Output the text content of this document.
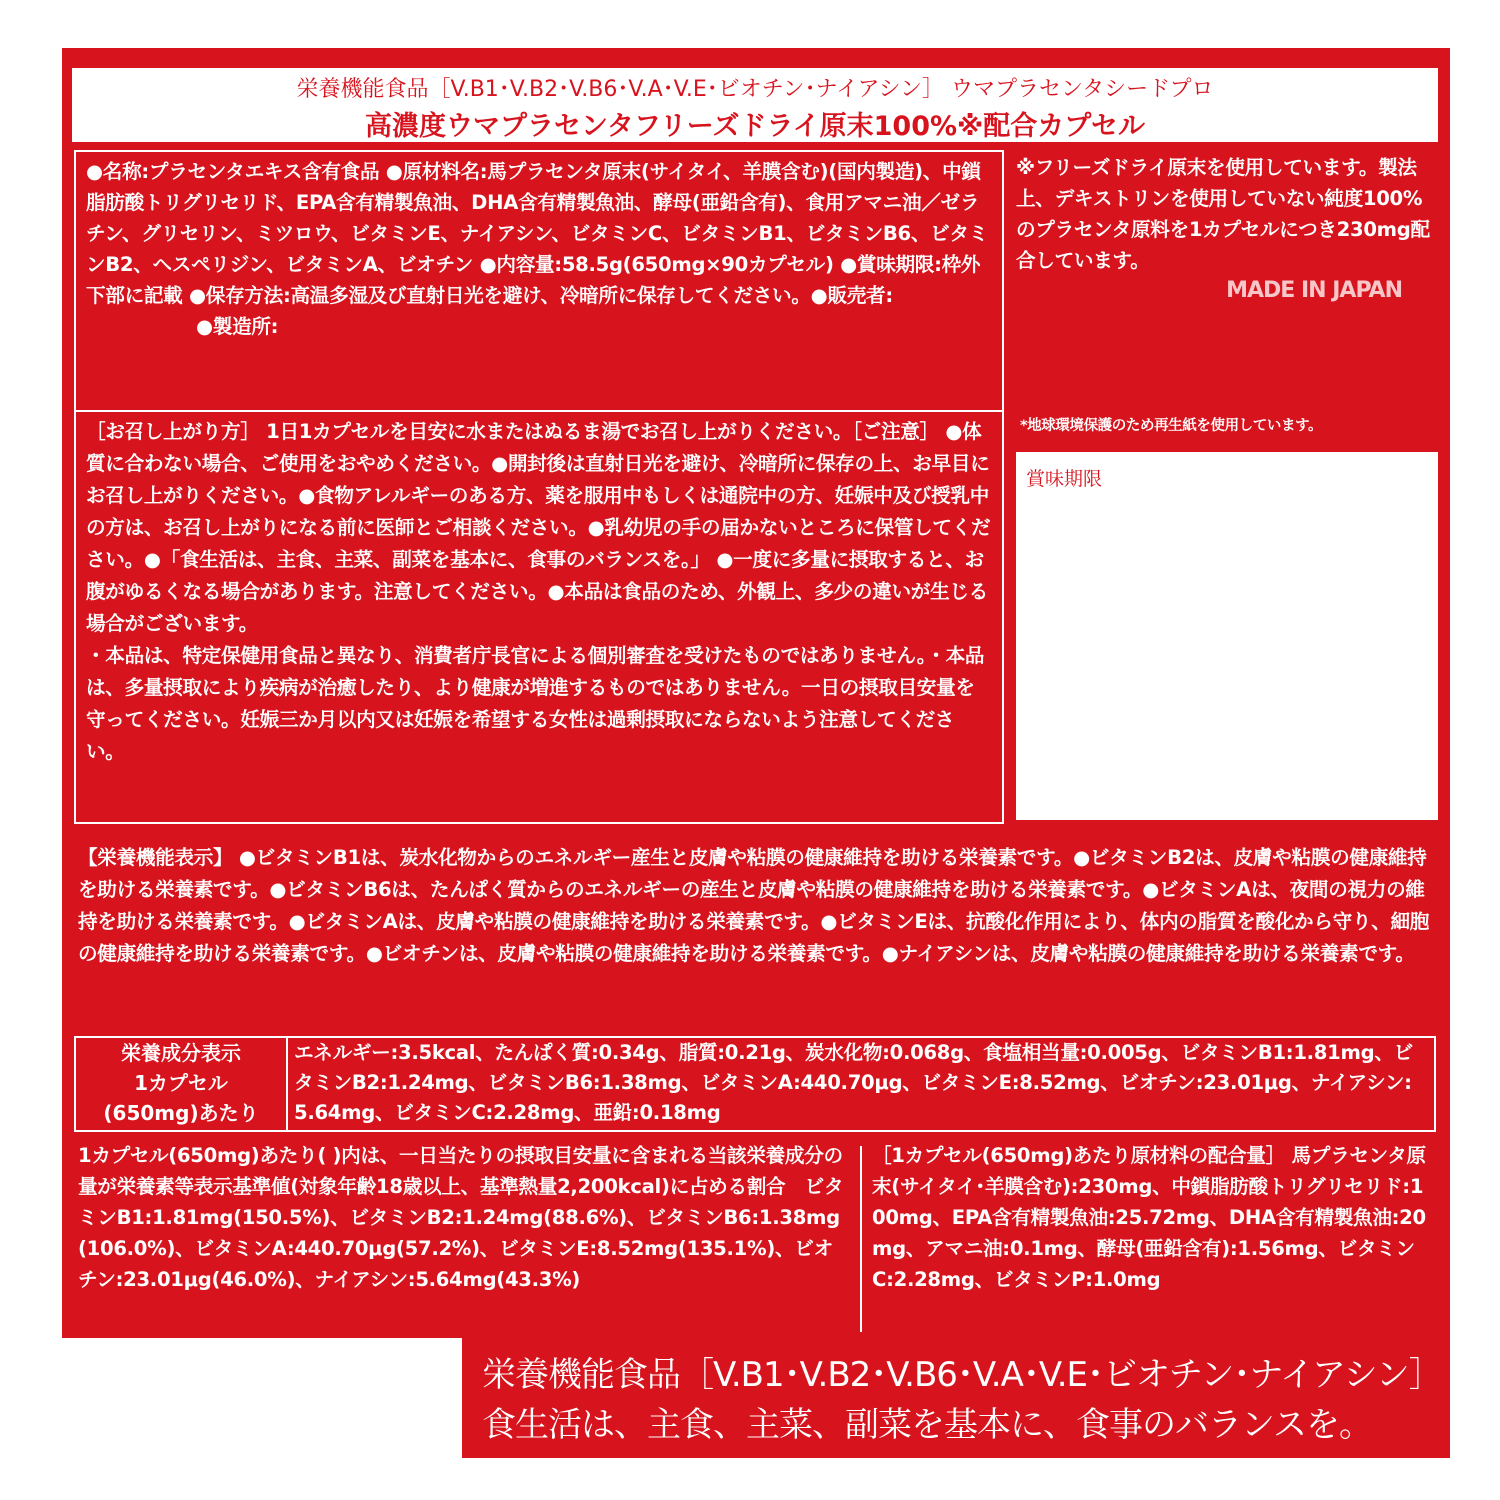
栄養機能食品［V.B1･V.B2･V.B6･V.A･V.E･ビオチン･ナイアシン］ ウマプラセンタシードプロ
高濃度ウマプラセンタフリーズドライ原末100%※配合カプセル
●名称:プラセンタエキス含有食品 ●原材料名:馬プラセンタ原末(サイタイ、羊膜含む)(国内製造)、中鎖脂肪酸トリグリセリド、EPA含有精製魚油、DHA含有精製魚油、酵母(亜鉛含有)、食用アマニ油／ゼラチン、グリセリン、ミツロウ、ビタミンE、ナイアシン、ビタミンC、ビタミンB1、ビタミンB6、ビタミンB2、ヘスペリジン、ビタミンA、ビオチン ●内容量:58.5g(650mg×90カプセル) ●賞味期限:枠外下部に記載 ●保存方法:高温多湿及び直射日光を避け、冷暗所に保存してください。●販売者:
●製造所:
※フリーズドライ原末を使用しています。製法上、デキストリンを使用していない純度100%のプラセンタ原料を1カプセルにつき230mg配合しています。
MADE IN JAPAN
*地球環境保護のため再生紙を使用しています。
賞味期限
［お召し上がり方］ 1日1カプセルを目安に水またはぬるま湯でお召し上がりください。［ご注意］ ●体質に合わない場合、ご使用をおやめください。●開封後は直射日光を避け、冷暗所に保存の上、お早目にお召し上がりください。●食物アレルギーのある方、薬を服用中もしくは通院中の方、妊娠中及び授乳中の方は、お召し上がりになる前に医師とご相談ください。●乳幼児の手の届かないところに保管してください。●「食生活は、主食、主菜、副菜を基本に、食事のバランスを。」 ●一度に多量に摂取すると、お腹がゆるくなる場合があります。注意してください。●本品は食品のため、外観上、多少の違いが生じる場合がございます。
・本品は、特定保健用食品と異なり、消費者庁長官による個別審査を受けたものではありません。・本品は、多量摂取により疾病が治癒したり、より健康が増進するものではありません。一日の摂取目安量を守ってください。妊娠三か月以内又は妊娠を希望する女性は過剰摂取にならないよう注意してください。
【栄養機能表示】 ●ビタミンB1は、炭水化物からのエネルギー産生と皮膚や粘膜の健康維持を助ける栄養素です。●ビタミンB2は、皮膚や粘膜の健康維持を助ける栄養素です。●ビタミンB6は、たんぱく質からのエネルギーの産生と皮膚や粘膜の健康維持を助ける栄養素です。●ビタミンAは、夜間の視力の維持を助ける栄養素です。●ビタミンAは、皮膚や粘膜の健康維持を助ける栄養素です。●ビタミンEは、抗酸化作用により、体内の脂質を酸化から守り、細胞の健康維持を助ける栄養素です。●ビオチンは、皮膚や粘膜の健康維持を助ける栄養素です。●ナイアシンは、皮膚や粘膜の健康維持を助ける栄養素です。
栄養成分表示
1カプセル
(650mg)あたり
エネルギー:3.5kcal、たんぱく質:0.34g、脂質:0.21g、炭水化物:0.068g、食塩相当量:0.005g、ビタミンB1:1.81mg、ビタミンB2:1.24mg、ビタミンB6:1.38mg、ビタミンA:440.70μg、ビタミンE:8.52mg、ビオチン:23.01μg、ナイアシン:5.64mg、ビタミンC:2.28mg、亜鉛:0.18mg
1カプセル(650mg)あたり( )内は、一日当たりの摂取目安量に含まれる当該栄養成分の量が栄養素等表示基準値(対象年齢18歳以上、基準熱量2,200kcal)に占める割合　ビタミンB1:1.81mg(150.5%)、ビタミンB2:1.24mg(88.6%)、ビタミンB6:1.38mg(106.0%)、ビタミンA:440.70μg(57.2%)、ビタミンE:8.52mg(135.1%)、ビオチン:23.01μg(46.0%)、ナイアシン:5.64mg(43.3%)
［1カプセル(650mg)あたり原材料の配合量］ 馬プラセンタ原末(サイタイ･羊膜含む):230mg、中鎖脂肪酸トリグリセリド:100mg、EPA含有精製魚油:25.72mg、DHA含有精製魚油:20mg、アマニ油:0.1mg、酵母(亜鉛含有):1.56mg、ビタミンC:2.28mg、ビタミンP:1.0mg
栄養機能食品［V.B1･V.B2･V.B6･V.A･V.E･ビオチン･ナイアシン］
食生活は、主食、主菜、副菜を基本に、食事のバランスを。
